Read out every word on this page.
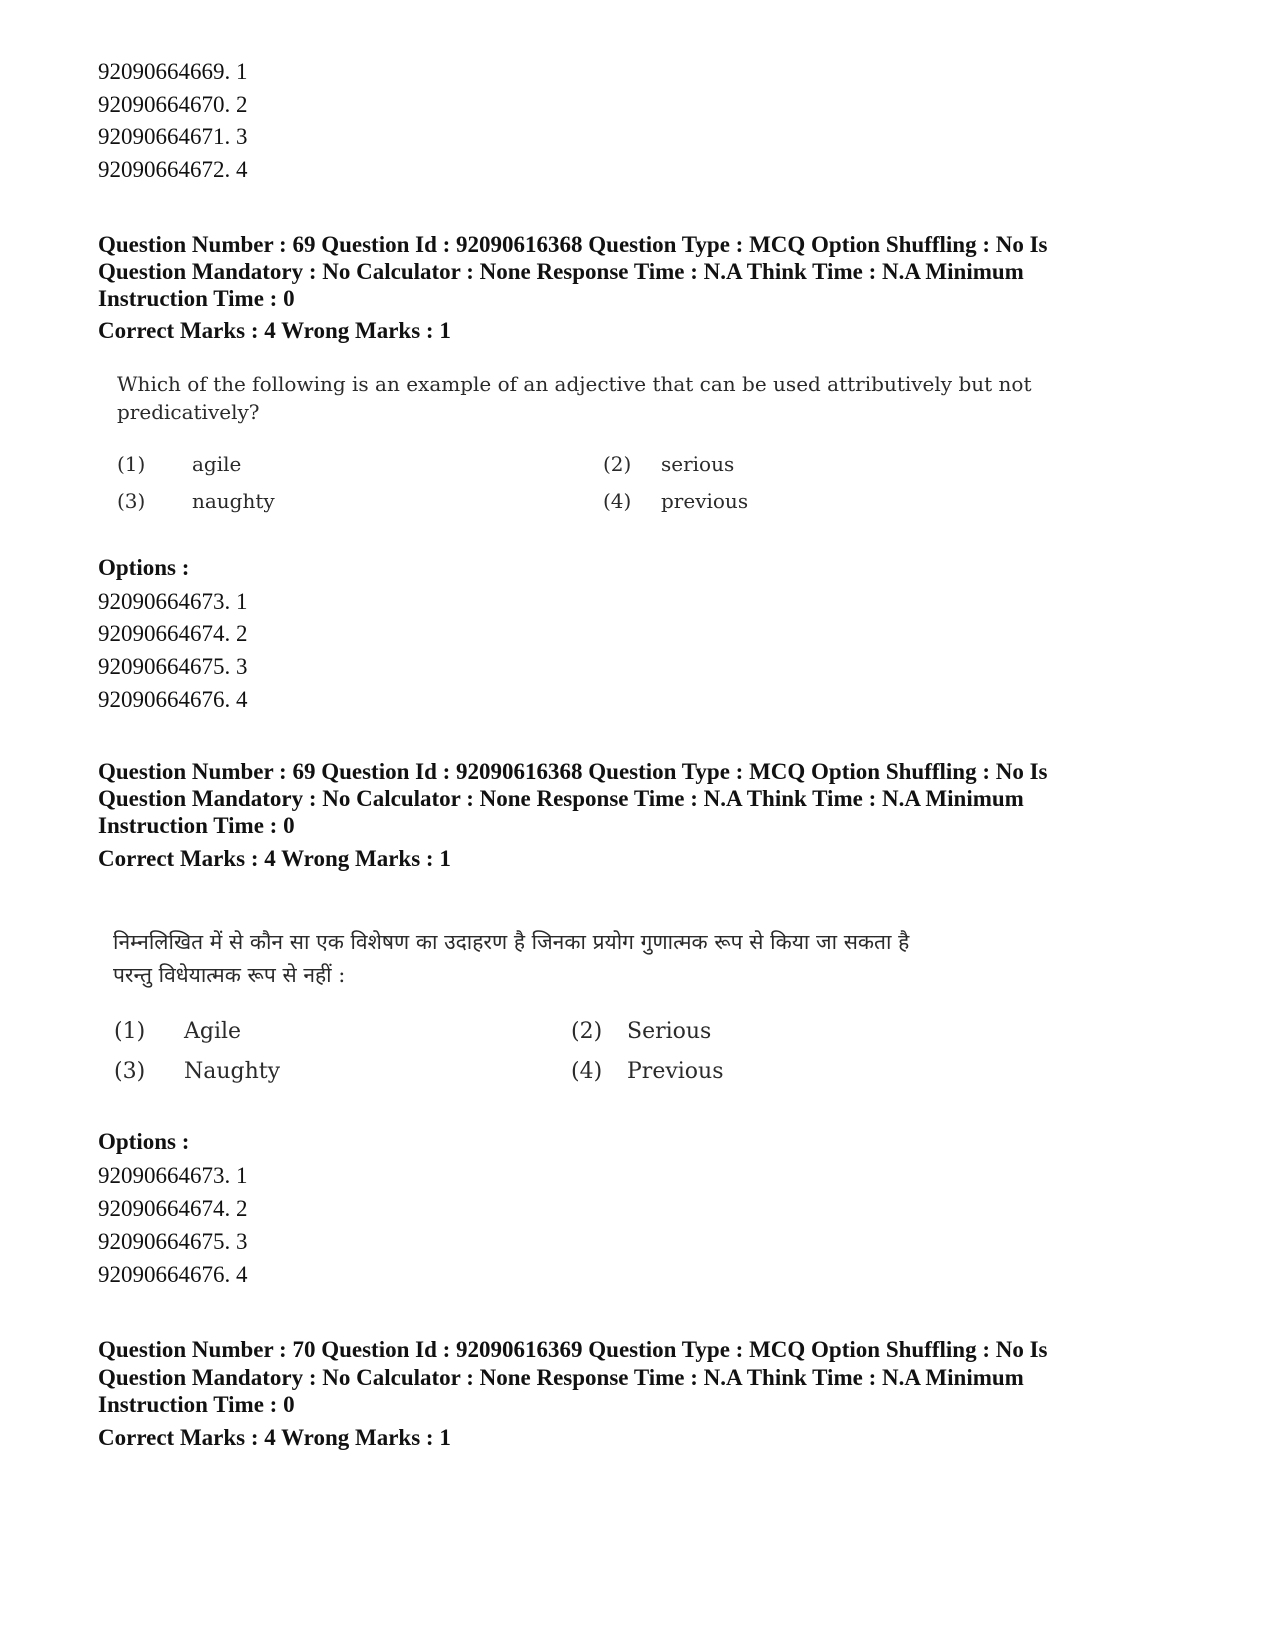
92090664669. 1
92090664670. 2
92090664671. 3
92090664672. 4
Question Number : 69 Question Id : 92090616368 Question Type : MCQ Option Shuffling : No Is
Question Mandatory : No Calculator : None Response Time : N.A Think Time : N.A Minimum
Instruction Time : 0
Correct Marks : 4 Wrong Marks : 1
Which of the following is an example of an adjective that can be used attributively but not
predicatively?
(1) agile	(2) serious
(3) naughty	(4) previous
Options :
92090664673. 1
92090664674. 2
92090664675. 3
92090664676. 4
Question Number : 69 Question Id : 92090616368 Question Type : MCQ Option Shuffling : No Is
Question Mandatory : No Calculator : None Response Time : N.A Think Time : N.A Minimum
Instruction Time : 0
Correct Marks : 4 Wrong Marks : 1
निम्नलिखित में से कौन सा एक विशेषण का उदाहरण है जिनका प्रयोग गुणात्मक रूप से किया जा सकता है
परन्तु विधेयात्मक रूप से नहीं :
(1) Agile	(2) Serious
(3) Naughty	(4) Previous
Options :
92090664673. 1
92090664674. 2
92090664675. 3
92090664676. 4
Question Number : 70 Question Id : 92090616369 Question Type : MCQ Option Shuffling : No Is
Question Mandatory : No Calculator : None Response Time : N.A Think Time : N.A Minimum
Instruction Time : 0
Correct Marks : 4 Wrong Marks : 1
